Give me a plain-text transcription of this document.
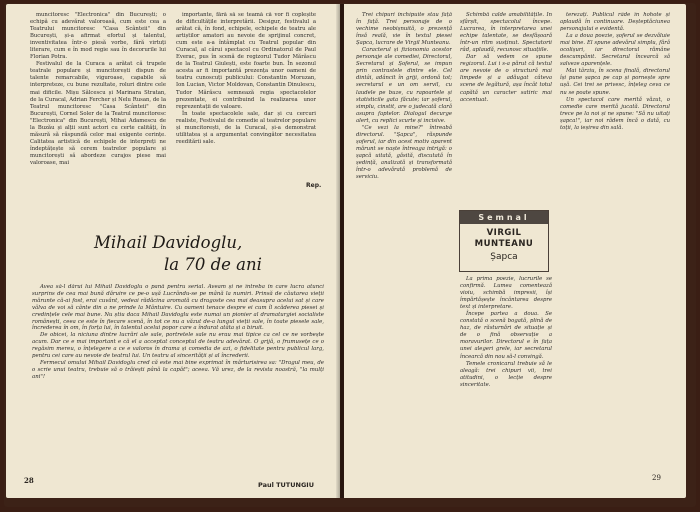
muncitoresc "Electronica" din București; o echipă cu adevărat valoroasă, cum este cea a Teatrului muncitoresc "Casa Scânteii" din București, și-a afirmat efortul și talentul, inventivitatea într-o piesă vorbe, fără virtuți literare, cum e în mod regie sau în decorurile lui Florian Potra.

Festivalul de la Curaca a arătat că trupele teatrale populare și muncitorești dispun de talente remarcabile, viguroase, capabile să interpreteze, cu bune rezultate, roluri dintre cele mai dificile. Mișu Sălcescu și Marinara Stratan, de la Curacal, Adrian Fercher și Nelu Rusan, de la Teatrul muncitoresc "Casa Scânteii" din București, Cornel Soler de la Teatrul muncitoresc "Electronica" din București, Mihai Adamescu de la Buzău și alții sunt actori cu certe calități, în măsură să răspundă celor mai exigente cerințe. Calitatea artistică de echipele de interpreți ne îndeptățește să cerem teatrelor populare și muncitorești să abordeze curajos piese mai valoroase, mai

importante, fără să se teamă că vor fi copleșite de dificultățile interpretării. Desigur, festivalul a arătat că, în fond, echipele, echipele de teatru ale artiștilor amatori au nevoie de sprijinul concret, cum este a-a întâmplat cu Teatrul popular din Curacal, al cărui spectacol cu Ordinatorul de Paul Everac, pus în scenă de regizorul Tudor Mărăscu de la Teatrul Giulești, este foarte bun. În sezonul acesta ar fi importantă prezența unor oameni de teatru cunoscuți publicului: Constantin Moruzan, Ion Lucian, Victor Moldovan, Constantin Dinulescu, Tudor Mărăscu semnează regia spectacolelor prezentate, ei contribuind la realizarea unor reprezentații de valoare.

În toate spectacolele sale, dar și cu cercuri realiste, Festivalul de comedie al teatrelor populare și muncitorești, de la Curacal, și-a demonstrat utilitatea și a argumentat convingător necesitatea reeditării sale.

Rep.
Mihail Davidoglu,
la 70 de ani

Avea să-l dărui lui Mihail Davidoglu o pană pentru serial. Aveam și ne întreba în care lucra atunci surprins de cea mai bună dăruire ce pe-o ușă Lucrându-se pe mână la numiri. Prinsă de căutarea vieții mărunte că-ai fost, erai cuvânt, vedeai rădăcina aromată cu dragoste cea mai deasupra acelui sat și care vâlva de voi să cânte din a ne prinde la Mântuire. Cu oameni tenace despre ei cum îl scăderea piesei și credințele cele mai bune. Nu știu daca Mihail Davidoglu este numai un pionier al dramaturgiei socialiste românești, ceea ce este în fiecare scenă, în tot ce nu a văzut de-a lungul vieții sale, în toate piesele sale, încrederea în om, în forța lui, în talentul acelui popor care a îndurat atâta și a biruit.

De obicei, la niciuna dintre lucrări ale sale, portretele sale nu erau mai tipice ca cel ce ne vorbește acum. Dar ce e mai important e că el a acceptat conceptul de teatru adevărat. O grijă, o frumusețe ce o regăsim mereu, o înțelegere a ce e valoros în drama și comedia de azi, o fidelitate pentru publicul larg, pentru cei care au nevoie de teatrul lui. Un teatru al sincerității și al încrederii.

Fermecul omului Mihail Davidoglu cred că este mai bine exprimat în mărturisirea sa: "Dragul meu, de o scrie unui teatru, trebuie să o trăiești până la capăt"; aceea. Vă urez, de la revista noastră, "la mulți ani"!

Paul TUTUNGIU
28

Trei chipuri închipuite stau față în față. Trei personaje de o vechime neobișnuită, o prezență însă reală, vie în textul piesei Șapca, lucrare de Virgil Munteanu.

Caracterul și fizionomia acestor personaje ale comediei, Directorul, Secretarul și Șoferul, se impun prin contrastele dintre ele. Cel dintâi, adâncit în griji, ordonă tot; secretarul e un om servil, cu laudele pe buze, cu rapoartele și statisticile gata făcute; iar șoferul, simplu, cinstit, are o judecată clară asupra faptelor. Dialogul decurge alert, cu replici scurte și incisive.

"Ce vezi la mine?" întreabă directorul. "Șapca", răspunde șoferul, iar din acest motiv aparent mărunt se naște întreaga intrigă: o șapcă uitată, găsită, discutată în ședință, analizată și transformată într-o adevărată problemă de serviciu.

Schimbă calde amabilitățile. În sfârșit, spectacolul începe. Lucrarea, în interpretarea unei echipe talentate, se desfășoară într-un ritm susținut. Spectatorii râd, aplaudă, recunosc situațiile.

Dar să vedem ce spune regizorul. Lui i s-a părut că textul are nevoie de o structură mai limpede și a adăugat câteva scene de legătură, așa încât totul capătă un caracter satiric mai accentuat.

Semnal
VIRGIL
MUNTEANU
Șapca

La prima poezie, lucrurile se confirmă. Lumea comentează vioiu, schimbă impresii, își împărtășește încântarea despre text și interpretare.

Începe partea a doua. Se constată o scenă bogată, plină de haz, de răsturnări de situație și de o fină observație a moravurilor. Directorul e în fața unei alegeri grele, iar secretarul încearcă din nou să-l convingă.

Temele cronicarul trebuie să le aleagă: trei chipuri vii, trei atitudini, o lecție despre sinceritate.

terezați. Publicul râde în hohote și aplaudă în continuare. Deșteptăciunea personajului e evidentă.

La a doua poezie, șoferul se dezvăluie mai bine. El spune adevărul simplu, fără ocolișuri, iar directorul rămâne descumpănit. Secretarul încearcă să salveze aparențele.

Mai târziu, în scena finală, directorul își pune șapca pe cap și pornește spre ușă. Cei trei se privesc, înțeleg ceva ce nu se poate spune.

Un spectacol care merită văzut, o comedie care merită jucată. Directorul trece pe la noi și ne spune: "Să nu uitați șapca!", iar noi râdem încă o dată, cu toții, la ieșirea din sală.

29
